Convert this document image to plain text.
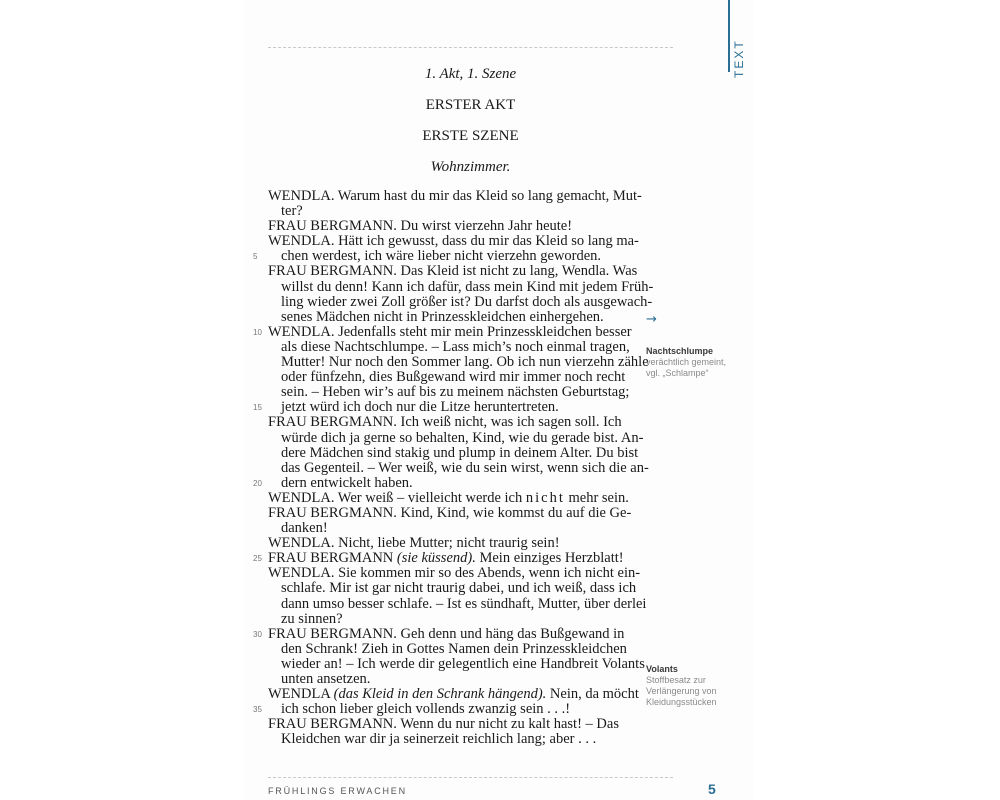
TEXT
1. Akt, 1. Szene
ERSTER AKT
ERSTE SZENE
Wohnzimmer.
WENDLA. Warum hast du mir das Kleid so lang gemacht, Mut-
ter?
FRAU BERGMANN. Du wirst vierzehn Jahr heute!
WENDLA. Hätt ich gewusst, dass du mir das Kleid so lang ma-
5 chen werdest, ich wäre lieber nicht vierzehn geworden.
FRAU BERGMANN. Das Kleid ist nicht zu lang, Wendla. Was
willst du denn! Kann ich dafür, dass mein Kind mit jedem Früh-
ling wieder zwei Zoll größer ist? Du darfst doch als ausgewach-
senes Mädchen nicht in Prinzesskleidchen einhergehen.
10 WENDLA. Jedenfalls steht mir mein Prinzesskleidchen besser
als diese Nachtschlumpe. – Lass mich’s noch einmal tragen,
Mutter! Nur noch den Sommer lang. Ob ich nun vierzehn zähle
oder fünfzehn, dies Bußgewand wird mir immer noch recht
sein. – Heben wir’s auf bis zu meinem nächsten Geburtstag;
15 jetzt würd ich doch nur die Litze heruntertreten.
FRAU BERGMANN. Ich weiß nicht, was ich sagen soll. Ich
würde dich ja gerne so behalten, Kind, wie du gerade bist. An-
dere Mädchen sind stakig und plump in deinem Alter. Du bist
das Gegenteil. – Wer weiß, wie du sein wirst, wenn sich die an-
20 dern entwickelt haben.
WENDLA. Wer weiß – vielleicht werde ich nicht mehr sein.
FRAU BERGMANN. Kind, Kind, wie kommst du auf die Ge-
danken!
WENDLA. Nicht, liebe Mutter; nicht traurig sein!
25 FRAU BERGMANN (sie küssend). Mein einziges Herzblatt!
WENDLA. Sie kommen mir so des Abends, wenn ich nicht ein-
schlafe. Mir ist gar nicht traurig dabei, und ich weiß, dass ich
dann umso besser schlafe. – Ist es sündhaft, Mutter, über derlei
zu sinnen?
30 FRAU BERGMANN. Geh denn und häng das Bußgewand in
den Schrank! Zieh in Gottes Namen dein Prinzesskleidchen
wieder an! – Ich werde dir gelegentlich eine Handbreit Volants
unten ansetzen.
WENDLA (das Kleid in den Schrank hängend). Nein, da möcht
35 ich schon lieber gleich vollends zwanzig sein . . .!
FRAU BERGMANN. Wenn du nur nicht zu kalt hast! – Das
Kleidchen war dir ja seinerzeit reichlich lang; aber . . .
→
Nachtschlumpe
verächtlich gemeint, vgl. „Schlampe“
Volants
Stoffbesatz zur Verlängerung von Kleidungsstücken
FRÜHLINGS ERWACHEN	5
